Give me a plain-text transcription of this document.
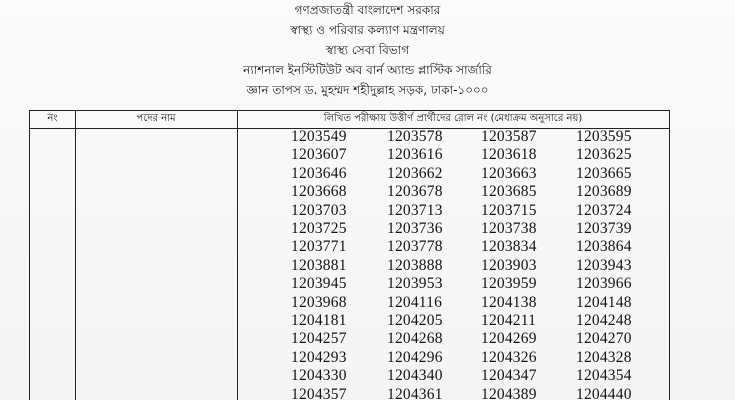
গণপ্রজাতন্ত্রী বাংলাদেশ সরকার
স্বাস্থ্য ও পরিবার কল্যাণ মন্ত্রণালয়
স্বাস্থ্য সেবা বিভাগ
ন্যাশনাল ইনস্টিটিউট অব বার্ন অ্যান্ড প্লাস্টিক সার্জারি
জ্ঞান তাপস ড. মুহম্মদ শহীদুল্লাহ সড়ক, ঢাকা-১০০০
নং	পদের নাম	লিখিত পরীক্ষায় উত্তীর্ণ প্রার্থীদের রোল নং (মেধাক্রম অনুসারে নয়)
1203549	1203578 1203587	1203595
1203607	1203616 1203618	1203625
1203646	1203662 1203663	1203665
1203668	1203678 1203685	1203689
1203703	1203713 1203715	1203724
1203725	1203736 1203738	1203739
1203771	1203778 1203834	1203864
1203881	1203888 1203903	1203943
1203945	1203953 1203959	1203966
1203968	1204116	1204138	1204148
1204181	1204205 1204211	1204248
1204257	1204268 1204269	1204270
1204293	1204296 1204326	1204328
1204330	1204340 1204347	1204354
1204357	1204361 1204389	1204440
